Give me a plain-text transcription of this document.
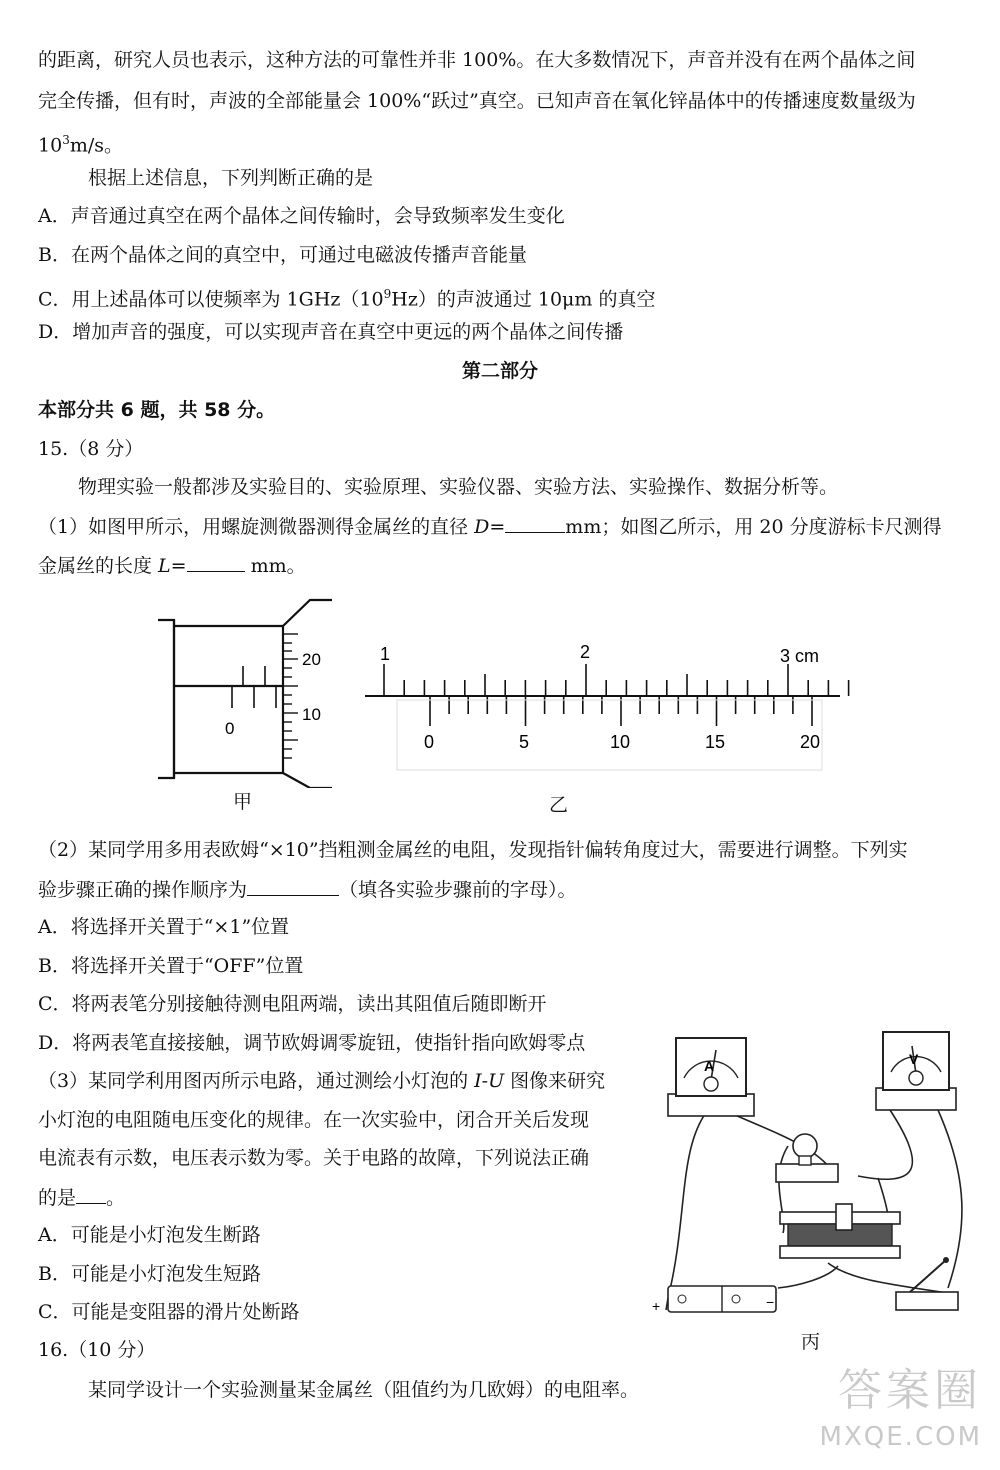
的距离，研究人员也表示，这种方法的可靠性并非 100%。在大多数情况下，声音并没有在两个晶体之间
完全传播，但有时，声波的全部能量会 100%“跃过”真空。已知声音在氧化锌晶体中的传播速度数量级为
$10^3m/s$。
根据上述信息，下列判断正确的是
A．声音通过真空在两个晶体之间传输时，会导致频率发生变化
B．在两个晶体之间的真空中，可通过电磁波传播声音能量
C．用上述晶体可以使频率为 $1GHz(10^9Hz)$的声波通过 10μm 的真空
D．增加声音的强度，可以实现声音在真空中更远的两个晶体之间传播
第二部分
本部分共 6 题，共 58 分。
15.（8 分）
物理实验一般都涉及实验目的、实验原理、实验仪器、实验方法、实验操作、数据分析等。
（1）如图甲所示，用螺旋测微器测得金属丝的直径 D=	mm；如图乙所示，用 20 分度游标卡尺测得
金属丝的长度 L=	mm。
20
10
0
甲
1	2	3 cm
0	5	10	15	20
乙
（2）某同学用多用表欧姆“×10”挡粗测金属丝的电阻，发现指针偏转角度过大，需要进行调整。下列实
验步骤正确的操作顺序为	（填各实验步骤前的字母）。
A．将选择开关置于“×1”位置
B．将选择开关置于“OFF”位置
C．将两表笔分别接触待测电阻两端，读出其阻值后随即断开
D．将两表笔直接接触，调节欧姆调零旋钮，使指针指向欧姆零点
（3）某同学利用图丙所示电路，通过测绘小灯泡的 I-U 图像来研究
小灯泡的电阻随电压变化的规律。在一次实验中，闭合开关后发现
电流表有示数，电压表示数为零。关于电路的故障，下列说法正确
的是 。
A．可能是小灯泡发生断路
B．可能是小灯泡发生短路
C．可能是变阻器的滑片处断路
A	V
+	−
丙
16.（10 分）
某同学设计一个实验测量某金属丝（阻值约为几欧姆）的电阻率。	答案圈
MXQE.COM
